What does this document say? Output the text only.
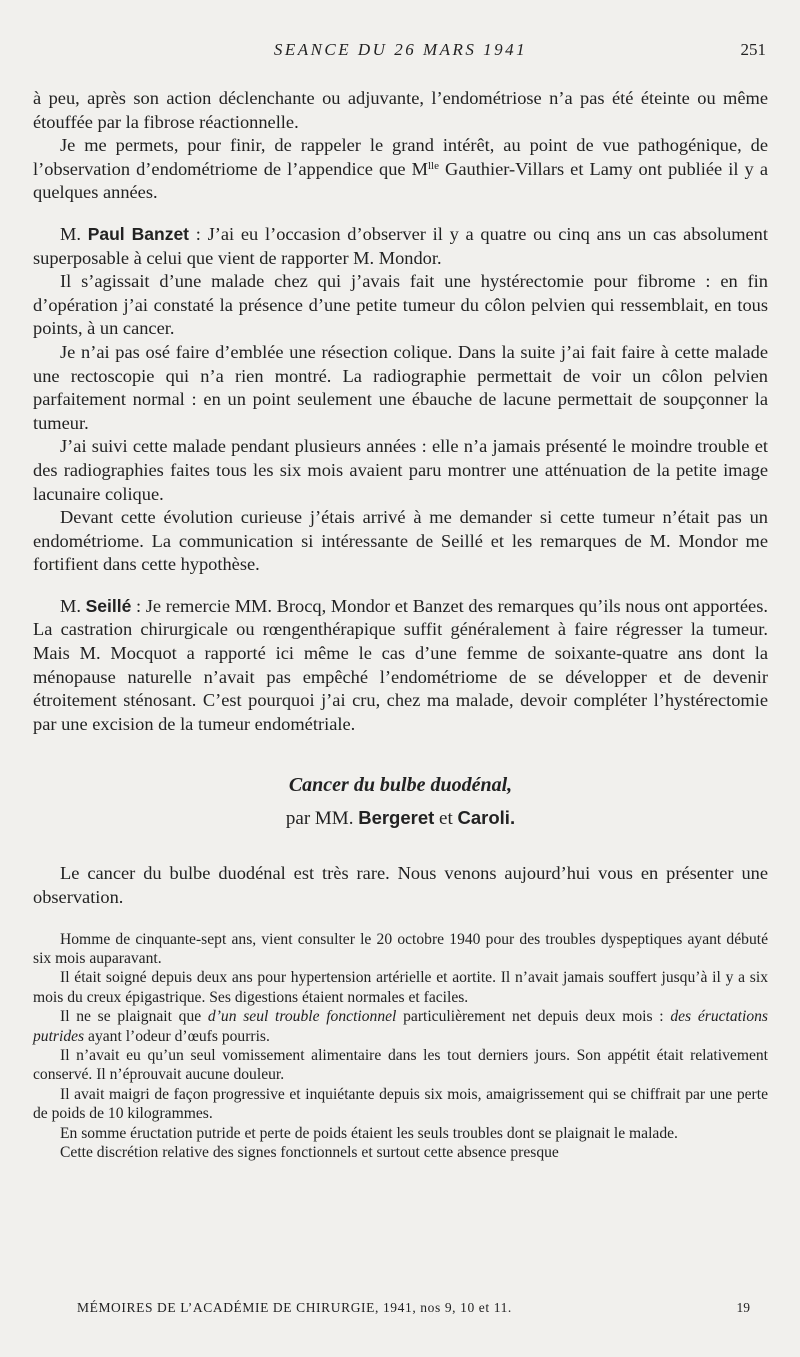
SEANCE DU 26 MARS 1941	251

à peu, après son action déclenchante ou adjuvante, l’endométriose n’a pas été éteinte ou même étouffée par la fibrose réactionnelle.

Je me permets, pour finir, de rappeler le grand intérêt, au point de vue pathogénique, de l’observation d’endométriome de l’appendice que $M^{lle}$ Gauthier-Villars et Lamy ont publiée il y a quelques années.

M. Paul Banzet : J’ai eu l’occasion d’observer il y a quatre ou cinq ans un cas absolument superposable à celui que vient de rapporter M. Mondor.

Il s’agissait d’une malade chez qui j’avais fait une hystérectomie pour fibrome : en fin d’opération j’ai constaté la présence d’une petite tumeur du côlon pelvien qui ressemblait, en tous points, à un cancer.

Je n’ai pas osé faire d’emblée une résection colique. Dans la suite j’ai fait faire à cette malade une rectoscopie qui n’a rien montré. La radiographie permettait de voir un côlon pelvien parfaitement normal : en un point seulement une ébauche de lacune permettait de soupçonner la tumeur.

J’ai suivi cette malade pendant plusieurs années : elle n’a jamais présenté le moindre trouble et des radiographies faites tous les six mois avaient paru montrer une atténuation de la petite image lacunaire colique.

Devant cette évolution curieuse j’étais arrivé à me demander si cette tumeur n’était pas un endométriome. La communication si intéressante de Seillé et les remarques de M. Mondor me fortifient dans cette hypothèse.

M. Seillé : Je remercie MM. Brocq, Mondor et Banzet des remarques qu’ils nous ont apportées. La castration chirurgicale ou rœngenthérapique suffit généralement à faire régresser la tumeur. Mais M. Mocquot a rapporté ici même le cas d’une femme de soixante-quatre ans dont la ménopause naturelle n’avait pas empêché l’endométriome de se développer et de devenir étroitement sténosant. C’est pourquoi j’ai cru, chez ma malade, devoir compléter l’hystérectomie par une excision de la tumeur endométriale.

Cancer du bulbe duodénal,
par MM. Bergeret et Caroli.

Le cancer du bulbe duodénal est très rare. Nous venons aujourd’hui vous en présenter une observation.

Homme de cinquante-sept ans, vient consulter le 20 octobre 1940 pour des troubles dyspeptiques ayant débuté six mois auparavant.

Il était soigné depuis deux ans pour hypertension artérielle et aortite. Il n’avait jamais souffert jusqu’à il y a six mois du creux épigastrique. Ses digestions étaient normales et faciles.

Il ne se plaignait que d’un seul trouble fonctionnel particulièrement net depuis deux mois : des éructations putrides ayant l’odeur d’œufs pourris.

Il n’avait eu qu’un seul vomissement alimentaire dans les tout derniers jours. Son appétit était relativement conservé. Il n’éprouvait aucune douleur.

Il avait maigri de façon progressive et inquiétante depuis six mois, amaigrissement qui se chiffrait par une perte de poids de 10 kilogrammes.

En somme éructation putride et perte de poids étaient les seuls troubles dont se plaignait le malade.

Cette discrétion relative des signes fonctionnels et surtout cette absence presque

MÉMOIRES DE L’ACADÉMIE DE CHIRURGIE, 1941, nos 9, 10 et 11.	19
